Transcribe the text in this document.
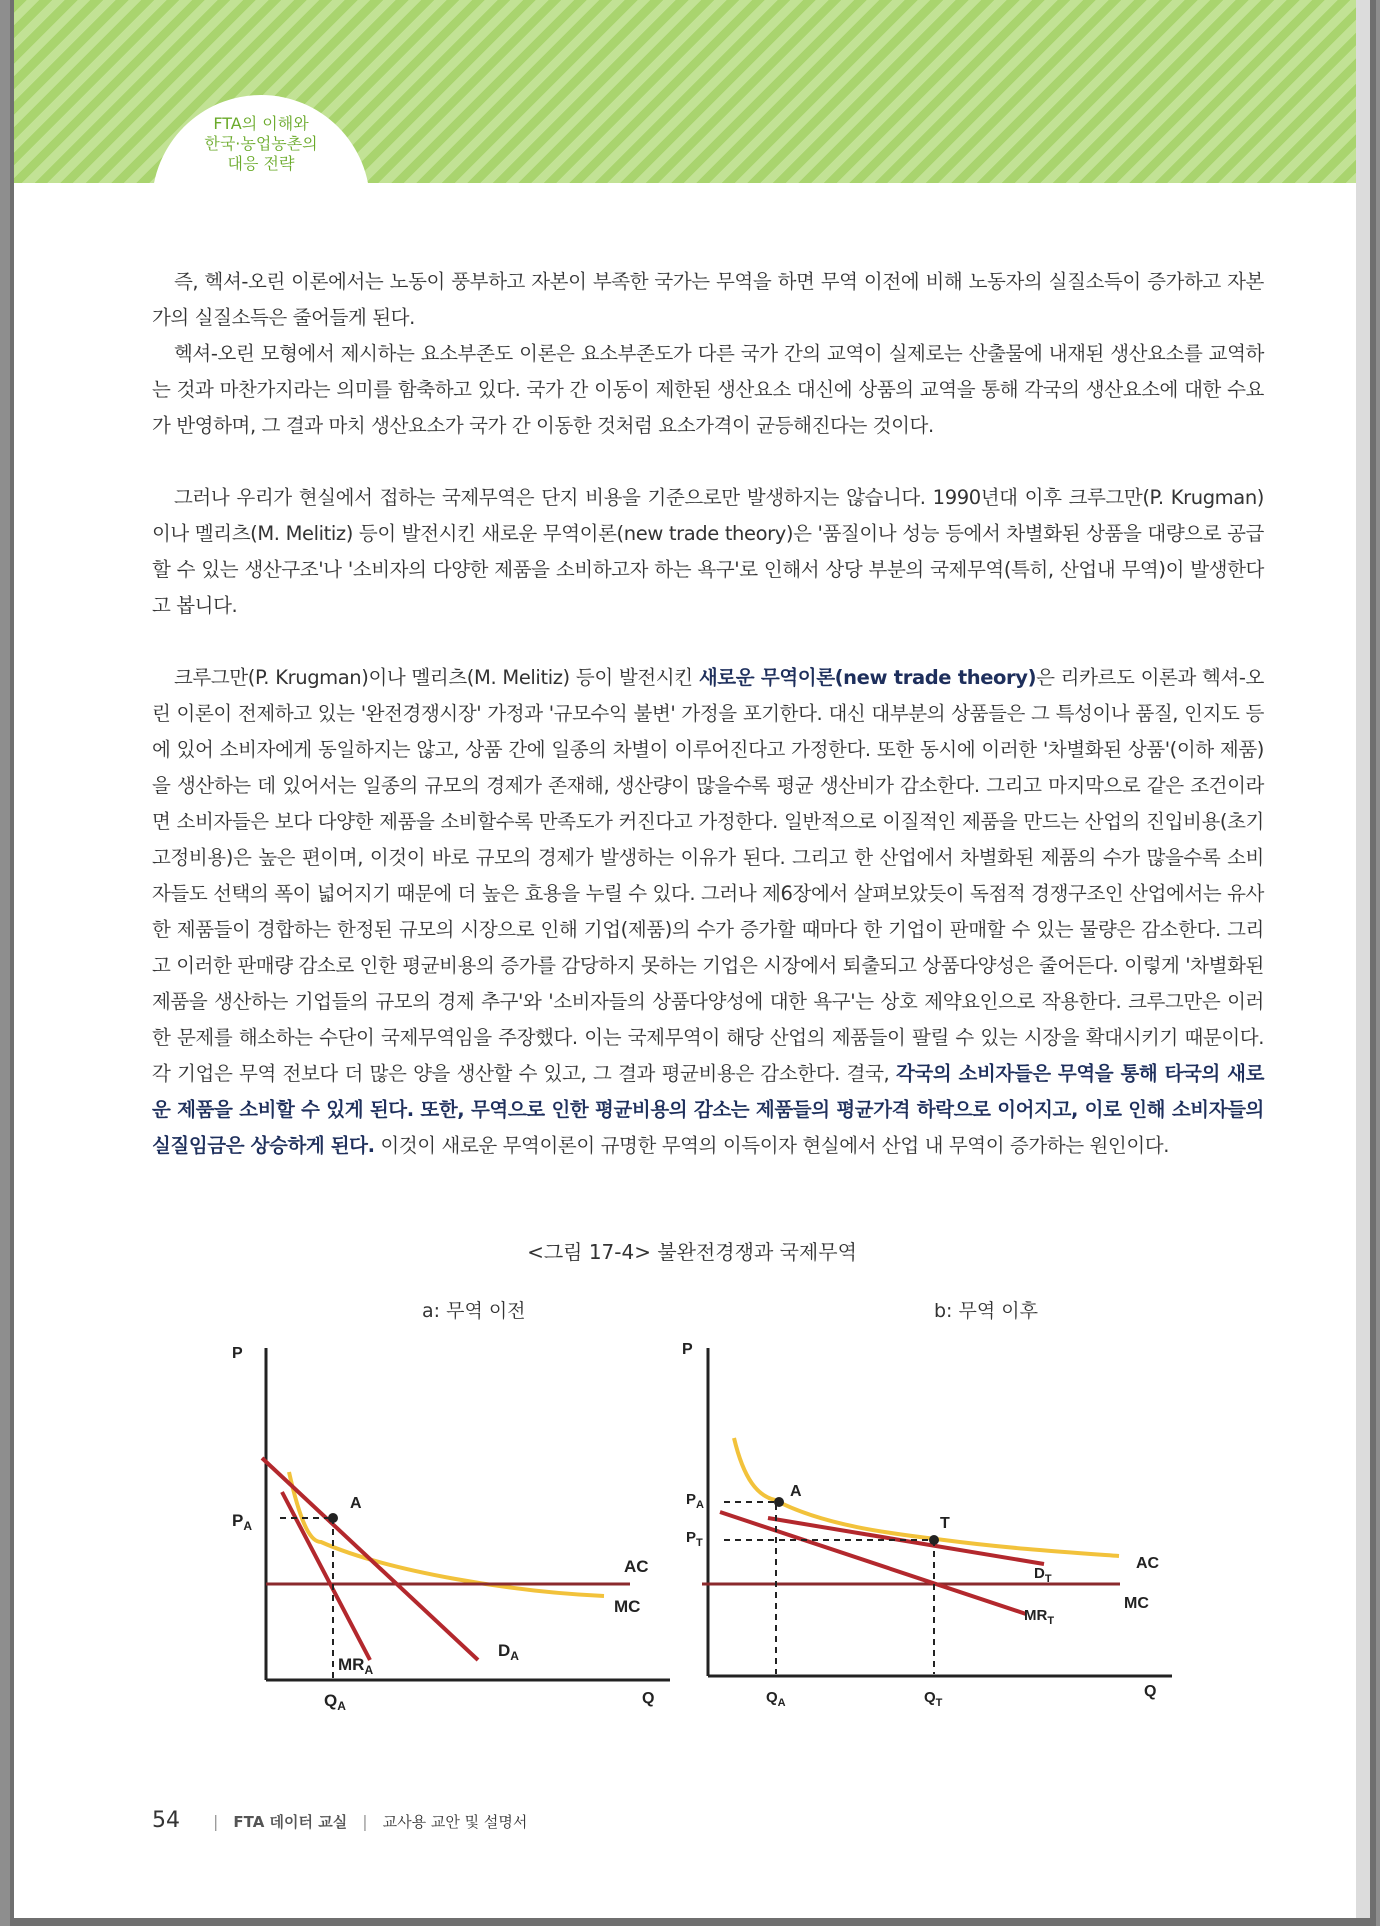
FTA의 이해와
한국·농업농촌의
대응 전략

즉, 헥셔-오린 이론에서는 노동이 풍부하고 자본이 부족한 국가는 무역을 하면 무역 이전에 비해 노동자의 실질소득이 증가하고 자본가의 실질소득은 줄어들게 된다.

헥셔-오린 모형에서 제시하는 요소부존도 이론은 요소부존도가 다른 국가 간의 교역이 실제로는 산출물에 내재된 생산요소를 교역하는 것과 마찬가지라는 의미를 함축하고 있다. 국가 간 이동이 제한된 생산요소 대신에 상품의 교역을 통해 각국의 생산요소에 대한 수요가 반영하며, 그 결과 마치 생산요소가 국가 간 이동한 것처럼 요소가격이 균등해진다는 것이다.

그러나 우리가 현실에서 접하는 국제무역은 단지 비용을 기준으로만 발생하지는 않습니다. 1990년대 이후 크루그만(P. Krugman)이나 멜리츠(M. Melitiz) 등이 발전시킨 새로운 무역이론(new trade theory)은 '품질이나 성능 등에서 차별화된 상품을 대량으로 공급할 수 있는 생산구조'나 '소비자의 다양한 제품을 소비하고자 하는 욕구'로 인해서 상당 부분의 국제무역(특히, 산업내 무역)이 발생한다고 봅니다.

크루그만(P. Krugman)이나 멜리츠(M. Melitiz) 등이 발전시킨 새로운 무역이론(new trade theory)은 리카르도 이론과 헥셔-오린 이론이 전제하고 있는 '완전경쟁시장' 가정과 '규모수익 불변' 가정을 포기한다. 대신 대부분의 상품들은 그 특성이나 품질, 인지도 등에 있어 소비자에게 동일하지는 않고, 상품 간에 일종의 차별이 이루어진다고 가정한다. 또한 동시에 이러한 '차별화된 상품'(이하 제품)을 생산하는 데 있어서는 일종의 규모의 경제가 존재해, 생산량이 많을수록 평균 생산비가 감소한다. 그리고 마지막으로 같은 조건이라면 소비자들은 보다 다양한 제품을 소비할수록 만족도가 커진다고 가정한다. 일반적으로 이질적인 제품을 만드는 산업의 진입비용(초기 고정비용)은 높은 편이며, 이것이 바로 규모의 경제가 발생하는 이유가 된다. 그리고 한 산업에서 차별화된 제품의 수가 많을수록 소비자들도 선택의 폭이 넓어지기 때문에 더 높은 효용을 누릴 수 있다. 그러나 제6장에서 살펴보았듯이 독점적 경쟁구조인 산업에서는 유사한 제품들이 경합하는 한정된 규모의 시장으로 인해 기업(제품)의 수가 증가할 때마다 한 기업이 판매할 수 있는 물량은 감소한다. 그리고 이러한 판매량 감소로 인한 평균비용의 증가를 감당하지 못하는 기업은 시장에서 퇴출되고 상품다양성은 줄어든다. 이렇게 '차별화된 제품을 생산하는 기업들의 규모의 경제 추구'와 '소비자들의 상품다양성에 대한 욕구'는 상호 제약요인으로 작용한다. 크루그만은 이러한 문제를 해소하는 수단이 국제무역임을 주장했다. 이는 국제무역이 해당 산업의 제품들이 팔릴 수 있는 시장을 확대시키기 때문이다. 각 기업은 무역 전보다 더 많은 양을 생산할 수 있고, 그 결과 평균비용은 감소한다. 결국, 각국의 소비자들은 무역을 통해 타국의 새로운 제품을 소비할 수 있게 된다. 또한, 무역으로 인한 평균비용의 감소는 제품들의 평균가격 하락으로 이어지고, 이로 인해 소비자들의 실질임금은 상승하게 된다. 이것이 새로운 무역이론이 규명한 무역의 이득이자 현실에서 산업 내 무역이 증가하는 원인이다.

<그림 17-4> 불완전경쟁과 국제무역
a: 무역 이전	b: 무역 이후
P
Q
A
$P_A$
$Q_A$
AC
MC
$D_A$
$MR_A$
P
Q
A
T
$P_A$
$P_T$
$Q_A$	$Q_T$
AC
MC
$D_T$
$MR_T$
54 | FTA 데이터 교실 | 교사용 교안 및 설명서
